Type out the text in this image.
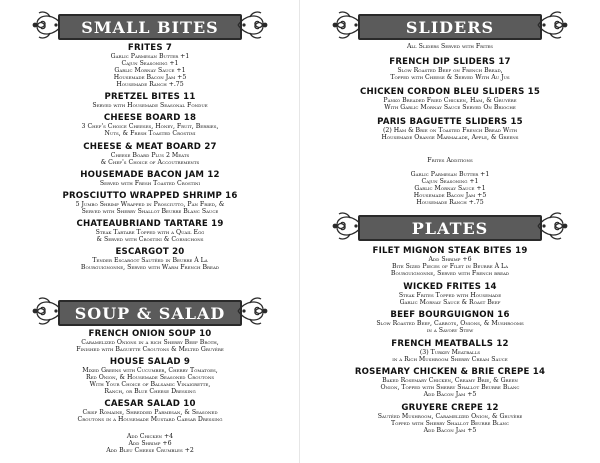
SMALL BITES
FRITES 7
Garlic Parmesan Butter +1
Cajun Seasoning +1
Garlic Mornay Sauce +1
Housemade Bacon Jam +5
Housemade Ranch +.75
PRETZEL BITES 11
Served with Housemade Seasonal Fondue
CHEESE BOARD 18
3 Chef's Choice Cheeses, Honey, Fruit, Berries,
Nuts, & Fresh Toasted Crostini
CHEESE & MEAT BOARD 27
Cheese Board Plus 2 Meats
& Chef's Choice of Accoutrements
HOUSEMADE BACON JAM 12
Served with Fresh Toasted Crostini
PROSCIUTTO WRAPPED SHRIMP 16
5 Jumbo Shrimp Wrapped in Prosciutto, Pan Fried, &
Served with Sherry Shallot Beurre Blanc Sauce
CHATEAUBRIAND TARTARE 19
Steak Tartare Topped with a Quail Egg
& Served with Crostini & Cornichons
ESCARGOT 20
Tender Escargot Sautéed in Beurre À La
Bourguignonne, Served with Warm French Bread
SOUP & SALAD
FRENCH ONION SOUP 10
Caramelized Onions in a rich Sherry Beef Broth,
Finished with Baguette Croutons & Melted Gruyère
HOUSE SALAD 9
Mixed Greens with Cucumber, Cherry Tomatoes,
Red Onion, & Housemade Seasoned Croutons
With Your Choice of Balsamic Vinaigrette,
Ranch, or Blue Cheese Dressing
CAESAR SALAD 10
Crisp Romaine, Shredded Parmesan, & Seasoned
Croutons in a Housemade Mustard Caesar Dressing
Add Chicken +4
Add Shrimp +6
Add Bleu Cheese Crumbles +2
SLIDERS
All Sliders Served with Frites
FRENCH DIP SLIDERS 17
Slow Roasted Beef on French Bread,
Topped with Cheese & Served With Au Jus
CHICKEN CORDON BLEU SLIDERS 15
Panko Breaded Fried Chicken, Ham, & Gruyère
With Garlic Mornay Sauce Served On Brioche
PARIS BAGUETTE SLIDERS 15
(2) Ham & Brie on Toasted French Bread With
Housemade Orange Marmalade, Apple, & Greens
Frites Additions
Garlic Parmesan Butter +1
Cajun Seasoning +1
Garlic Mornay Sauce +1
Housemade Bacon Jam +5
Housemade Ranch +.75
PLATES
FILET MIGNON STEAK BITES 19
Add Shrimp +6
Bite Sized Pieces of Filet in Beurre À La
Bourguignonne, Served with French bread
WICKED FRITES 14
Steak Frites Topped with Housemade
Garlic Mornay Sauce & Roast Beef
BEEF BOURGUIGNON 16
Slow Roasted Beef, Carrots, Onions, & Mushrooms
in a Savory Stew
FRENCH MEATBALLS 12
(3) Turkey Meatballs
in a Rich Mushroom Sherry Cream Sauce
ROSEMARY CHICKEN & BRIE CREPE 14
Baked Rosemary Chicken, Creamy Brie, & Green
Onion, Topped with Sherry Shallot Beurre Blanc
Add Bacon Jam +5
GRUYERE CREPE 12
Sautéed Mushroom, Caramelized Onion, & Gruyère
Topped with Sherry Shallot Beurre Blanc
Add Bacon Jam +5
